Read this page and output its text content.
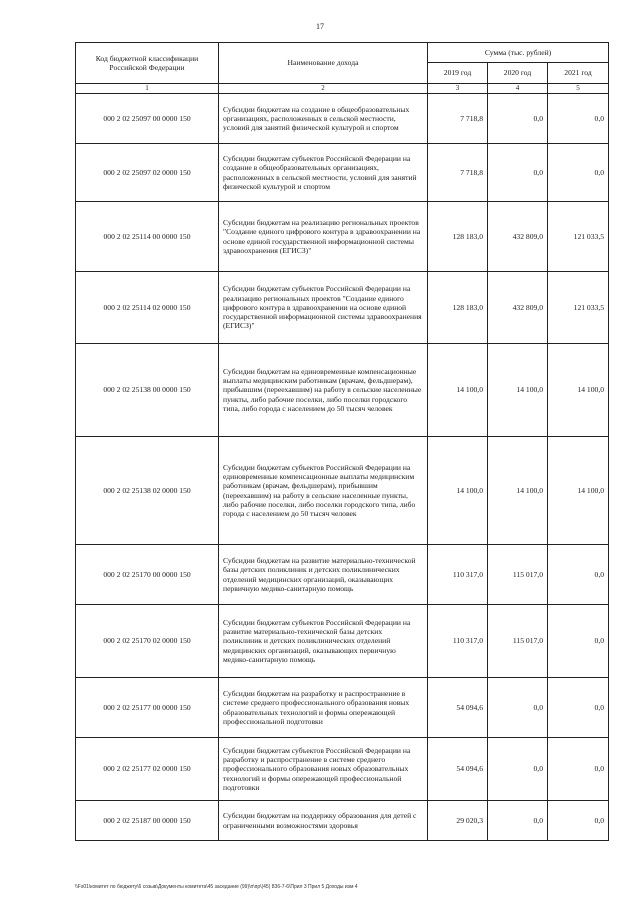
17
Код бюджетной классификации Российской Федерации	Наименование дохода	Сумма (тыс. рублей)		
		2019 год	2020 год	2021 год
1	2	3	4	5
000 2 02 25097 00 0000 150	Субсидии бюджетам на создание в общеобразовательных организациях, расположенных в сельской местности, условий для занятий физической культурой и спортом	7 718,8	0,0	0,0
000 2 02 25097 02 0000 150	Субсидии бюджетам субъектов Российской Федерации на создание в общеобразовательных организациях, расположенных в сельской местности, условий для занятий физической культурой и спортом	7 718,8	0,0	0,0
000 2 02 25114 00 0000 150	Субсидии бюджетам на реализацию региональных проектов "Создание единого цифрового контура в здравоохранении на основе единой государственной информационной системы здравоохранения (ЕГИСЗ)"	128 183,0	432 809,0	121 033,5
000 2 02 25114 02 0000 150	Субсидии бюджетам субъектов Российской Федерации на реализацию региональных проектов "Создание единого цифрового контура в здравоохранении на основе единой государственной информационной системы здравоохранения (ЕГИСЗ)"	128 183,0	432 809,0	121 033,5
000 2 02 25138 00 0000 150	Субсидии бюджетам на единовременные компенсационные выплаты медицинским работникам (врачам, фельдшерам), прибывшим (переехавшим) на работу в сельские населенные пункты, либо рабочие поселки, либо поселки городского типа, либо города с населением до 50 тысяч человек	14 100,0	14 100,0	14 100,0
000 2 02 25138 02 0000 150	Субсидии бюджетам субъектов Российской Федерации на единовременные компенсационные выплаты медицинским работникам (врачам, фельдшерам), прибывшим (переехавшим) на работу в сельские населенные пункты, либо рабочие поселки, либо поселки городского типа, либо города с населением до 50 тысяч человек	14 100,0	14 100,0	14 100,0
000 2 02 25170 00 0000 150	Субсидии бюджетам на развитие материально-технической базы детских поликлиник и детских поликлинических отделений медицинских организаций, оказывающих первичную медико-санитарную помощь	110 317,0	115 017,0	0,0
000 2 02 25170 02 0000 150	Субсидии бюджетам субъектов Российской Федерации на развитие материально-технической базы детских поликлиник и детских поликлинических отделений медицинских организаций, оказывающих первичную медико-санитарную помощь	110 317,0	115 017,0	0,0
000 2 02 25177 00 0000 150	Субсидии бюджетам на разработку и распространение в системе среднего профессионального образования новых образовательных технологий и формы опережающей профессиональной подготовки	54 094,6	0,0	0,0
000 2 02 25177 02 0000 150	Субсидии бюджетам субъектов Российской Федерации на разработку и распространение в системе среднего профессионального образования новых образовательных технологий и формы опережающей профессиональной подготовки	54 094,6	0,0	0,0
000 2 02 25187 00 0000 150	Субсидии бюджетам на поддержку образования для детей с ограниченными возможностями здоровья	29 020,3	0,0	0,0
\\Fs01\комитет по бюджету\6 созыв\Документы комитета\45 заседание (99)\п\пр\(45) 836-7-6\Прил 3 Прил 5 Доходы изм 4
